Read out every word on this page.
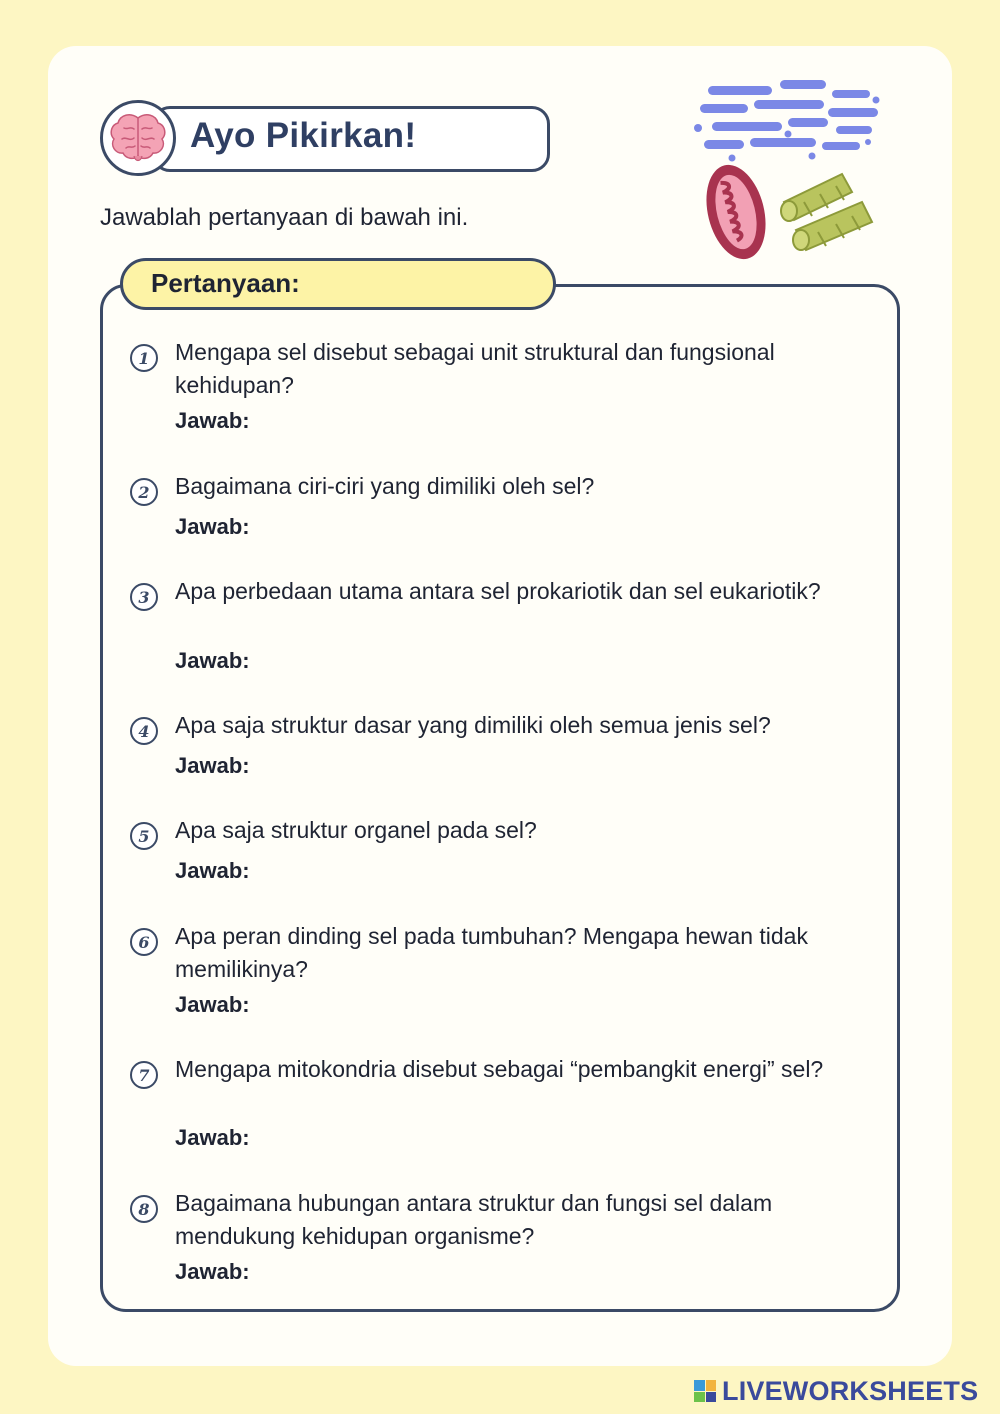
Ayo Pikirkan!
Jawablah pertanyaan di bawah ini.
Pertanyaan:
1	Mengapa sel disebut sebagai unit struktural dan fungsional kehidupan?
Jawab:
2	Bagaimana ciri-ciri yang dimiliki oleh sel?
Jawab:
3	Apa perbedaan utama antara sel prokariotik dan sel eukariotik?
Jawab:
4	Apa saja struktur dasar yang dimiliki oleh semua jenis sel?
Jawab:
5	Apa saja struktur organel pada sel?
Jawab:
6	Apa peran dinding sel pada tumbuhan? Mengapa hewan tidak memilikinya?
Jawab:
7	Mengapa mitokondria disebut sebagai “pembangkit energi” sel?
Jawab:
8	Bagaimana hubungan antara struktur dan fungsi sel dalam mendukung kehidupan organisme?
Jawab:
LIVEWORKSHEETS
